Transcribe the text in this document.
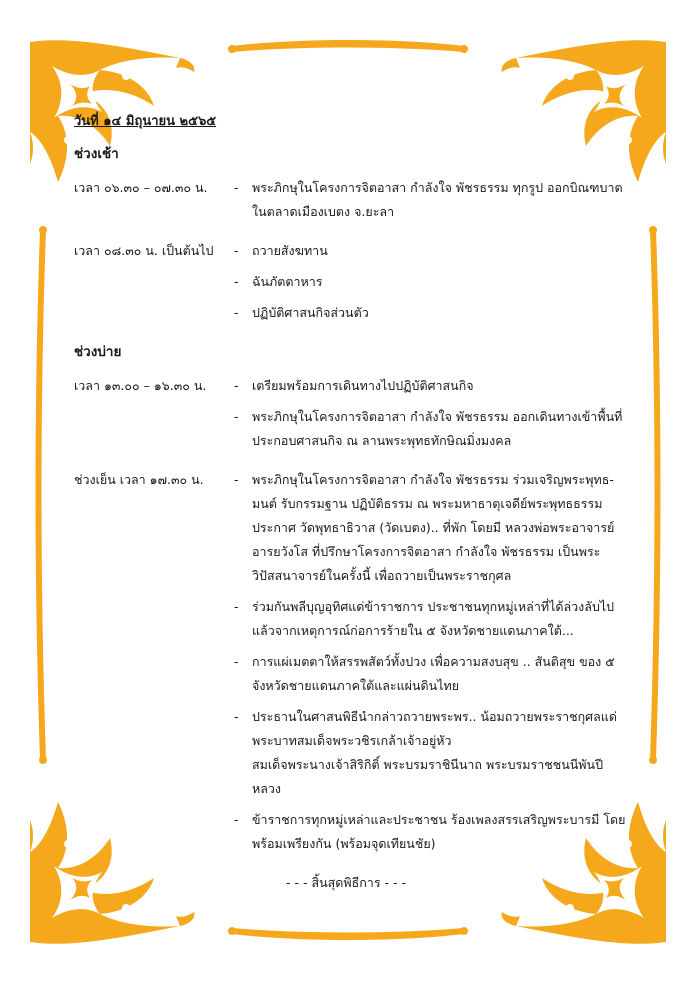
วันที่ ๑๔ มิถุนายน ๒๕๖๕
ช่วงเช้า
เวลา ๐๖.๓๐ – ๐๗.๓๐ น.	-	พระภิกษุในโครงการจิตอาสา กำลังใจ พัชรธรรม ทุกรูป ออกบิณฑบาต
ในตลาดเมืองเบตง จ.ยะลา
เวลา ๐๘.๓๐ น. เป็นต้นไป	-	ถวายสังฆทาน
-	ฉันภัตตาหาร
-	ปฏิบัติศาสนกิจส่วนตัว
ช่วงบ่าย
เวลา ๑๓.๐๐ – ๑๖.๓๐ น.	-	เตรียมพร้อมการเดินทางไปปฏิบัติศาสนกิจ
-	พระภิกษุในโครงการจิตอาสา กำลังใจ พัชรธรรม ออกเดินทางเข้าพื้นที่
ประกอบศาสนกิจ ณ ลานพระพุทธทักษิณมิ่งมงคล
ช่วงเย็น เวลา ๑๗.๓๐ น.	-	พระภิกษุในโครงการจิตอาสา กำลังใจ พัชรธรรม ร่วมเจริญพระพุทธ-
มนต์ รับกรรมฐาน ปฏิบัติธรรม ณ พระมหาธาตุเจดีย์พระพุทธธรรม
ประกาศ วัดพุทธาธิวาส (วัดเบตง).. ที่พัก โดยมี หลวงพ่อพระอาจารย์
อารยวังโส ที่ปรึกษาโครงการจิตอาสา กำลังใจ พัชรธรรม เป็นพระ
วิปัสสนาจารย์ในครั้งนี้ เพื่อถวายเป็นพระราชกุศล
-	ร่วมกันพลีบุญอุทิศแด่ข้าราชการ ประชาชนทุกหมู่เหล่าที่ได้ล่วงลับไป
แล้วจากเหตุการณ์ก่อการร้ายใน ๕ จังหวัดชายแดนภาคใต้...
-	การแผ่เมตตาให้สรรพสัตว์ทั้งปวง เพื่อความสงบสุข .. สันติสุข ของ ๕
จังหวัดชายแดนภาคใต้และแผ่นดินไทย
-	ประธานในศาสนพิธีนำกล่าวถวายพระพร.. น้อมถวายพระราชกุศลแด่
พระบาทสมเด็จพระวชิรเกล้าเจ้าอยู่หัว
สมเด็จพระนางเจ้าสิริกิติ์ พระบรมราชินีนาถ พระบรมราชชนนีพันปี
หลวง
-	ข้าราชการทุกหมู่เหล่าและประชาชน ร้องเพลงสรรเสริญพระบารมี โดย
พร้อมเพรียงกัน (พร้อมจุดเทียนชัย)
- - - สิ้นสุดพิธีการ - - -
